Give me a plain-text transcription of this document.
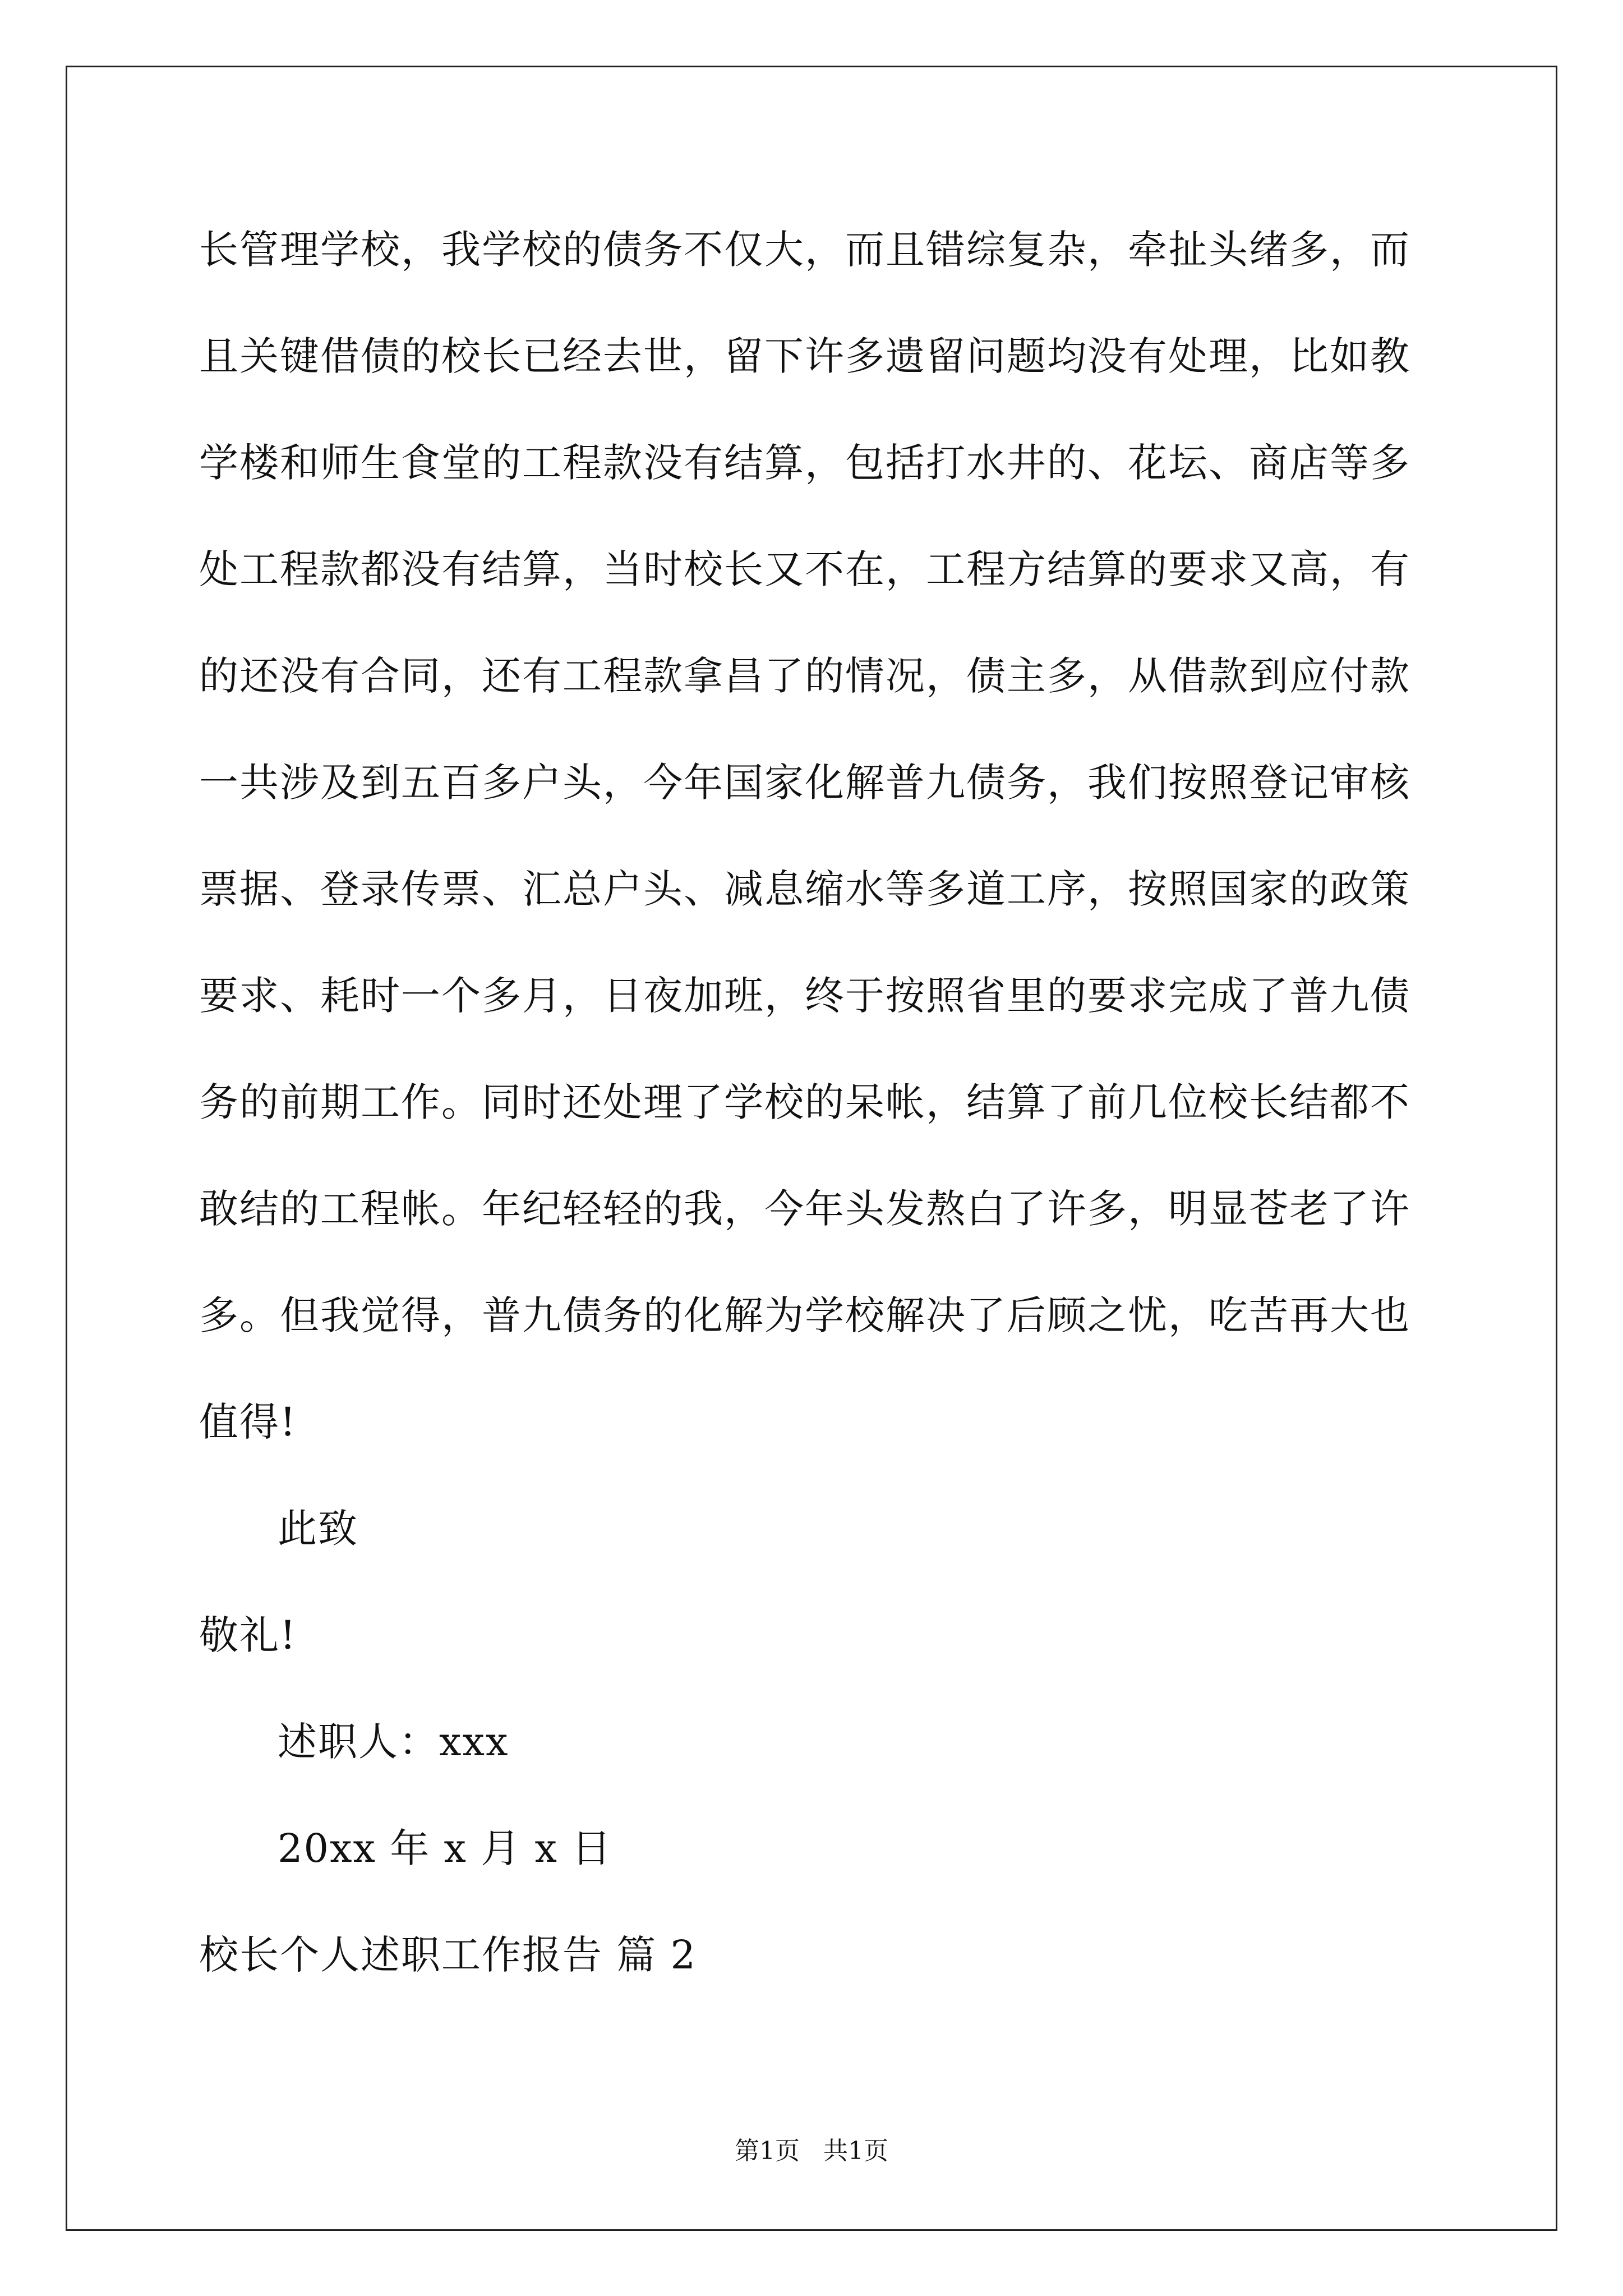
长管理学校，我学校的债务不仅大，而且错综复杂，牵扯头绪多，而
且关键借债的校长已经去世，留下许多遗留问题均没有处理，比如教
学楼和师生食堂的工程款没有结算，包括打水井的、花坛、商店等多
处工程款都没有结算，当时校长又不在，工程方结算的要求又高，有
的还没有合同，还有工程款拿昌了的情况，债主多，从借款到应付款
一共涉及到五百多户头，今年国家化解普九债务，我们按照登记审核
票据、登录传票、汇总户头、减息缩水等多道工序，按照国家的政策
要求、耗时一个多月，日夜加班，终于按照省里的要求完成了普九债
务的前期工作。同时还处理了学校的呆帐，结算了前几位校长结都不
敢结的工程帐。年纪轻轻的我，今年头发熬白了许多，明显苍老了许
多。但我觉得，普九债务的化解为学校解决了后顾之忧，吃苦再大也
值得!
此致
敬礼!
述职人：xxx
20xx 年 x 月 x 日
校长个人述职工作报告 篇 2
第1页   共1页
